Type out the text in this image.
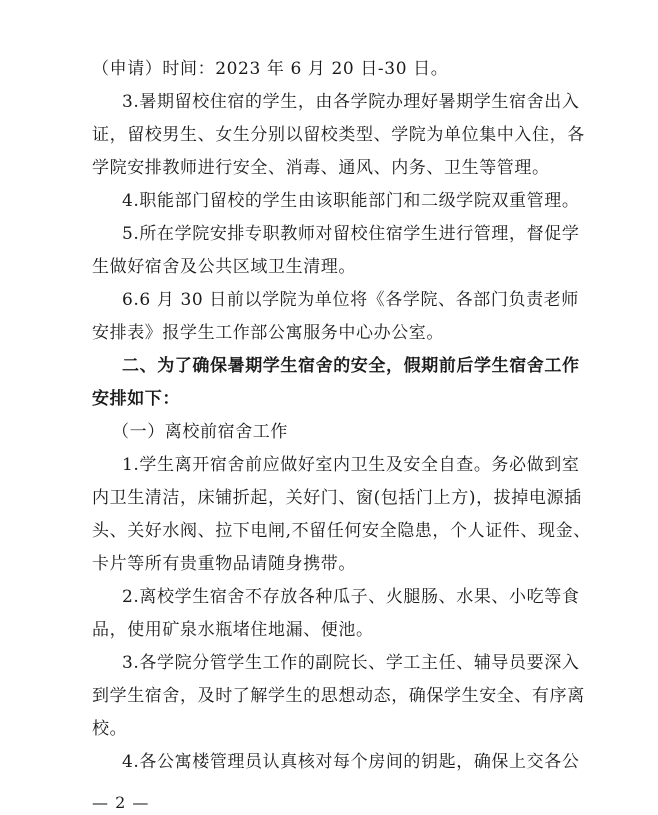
（申请）时间：2023 年 6 月 20 日-30 日。
3.暑期留校住宿的学生，由各学院办理好暑期学生宿舍出入
证，留校男生、女生分别以留校类型、学院为单位集中入住，各
学院安排教师进行安全、消毒、通风、内务、卫生等管理。
4.职能部门留校的学生由该职能部门和二级学院双重管理。
5.所在学院安排专职教师对留校住宿学生进行管理，督促学
生做好宿舍及公共区域卫生清理。
6.6 月 30 日前以学院为单位将《各学院、各部门负责老师
安排表》报学生工作部公寓服务中心办公室。
二、为了确保暑期学生宿舍的安全，假期前后学生宿舍工作
安排如下：
（一）离校前宿舍工作
1.学生离开宿舍前应做好室内卫生及安全自查。务必做到室
内卫生清洁，床铺折起，关好门、窗(包括门上方)，拔掉电源插
头、关好水阀、拉下电闸,不留任何安全隐患，个人证件、现金、
卡片等所有贵重物品请随身携带。
2.离校学生宿舍不存放各种瓜子、火腿肠、水果、小吃等食
品，使用矿泉水瓶堵住地漏、便池。
3.各学院分管学生工作的副院长、学工主任、辅导员要深入
到学生宿舍，及时了解学生的思想动态，确保学生安全、有序离
校。
4.各公寓楼管理员认真核对每个房间的钥匙，确保上交各公
— 2 —
